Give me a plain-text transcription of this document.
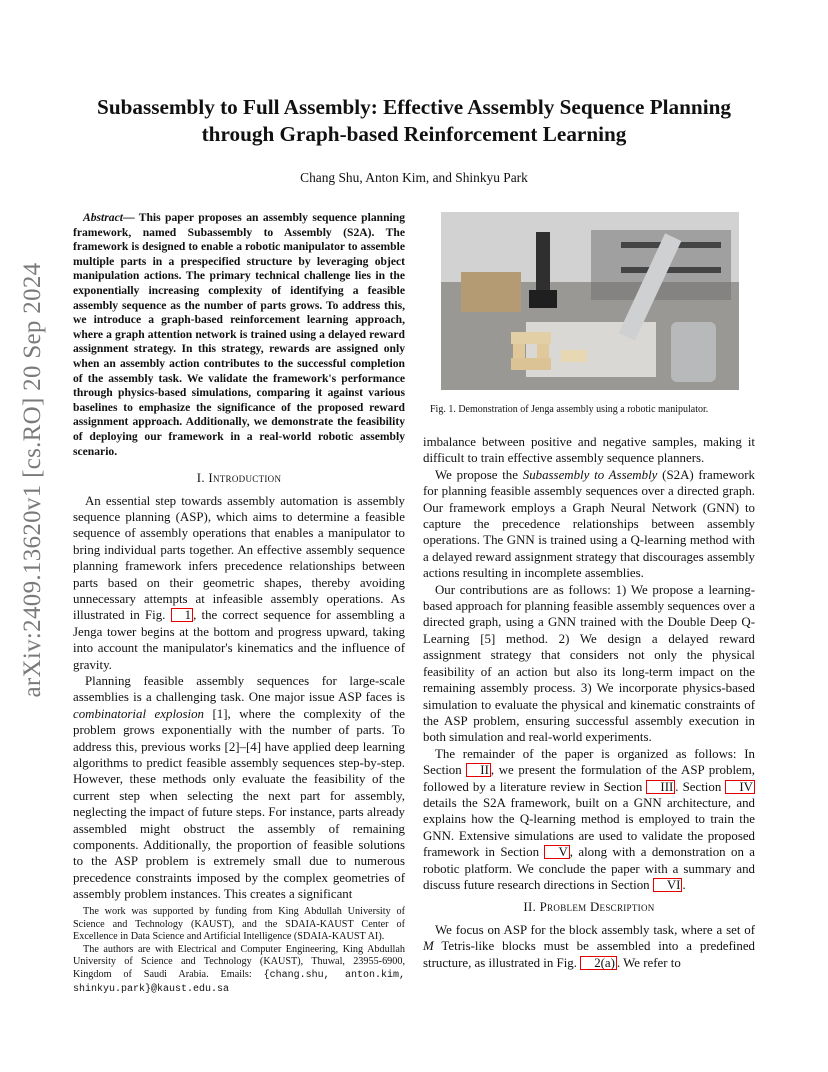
arXiv:2409.13620v1 [cs.RO] 20 Sep 2024
Subassembly to Full Assembly: Effective Assembly Sequence Planning
through Graph-based Reinforcement Learning
Chang Shu, Anton Kim, and Shinkyu Park

Abstract— This paper proposes an assembly sequence planning framework, named Subassembly to Assembly (S2A). The framework is designed to enable a robotic manipulator to assemble multiple parts in a prespecified structure by leveraging object manipulation actions. The primary technical challenge lies in the exponentially increasing complexity of identifying a feasible assembly sequence as the number of parts grows. To address this, we introduce a graph-based reinforcement learning approach, where a graph attention network is trained using a delayed reward assignment strategy. In this strategy, rewards are assigned only when an assembly action contributes to the successful completion of the assembly task. We validate the framework's performance through physics-based simulations, comparing it against various baselines to emphasize the significance of the proposed reward assignment approach. Additionally, we demonstrate the feasibility of deploying our framework in a real-world robotic assembly scenario.

I. Introduction

An essential step towards assembly automation is assembly sequence planning (ASP), which aims to determine a feasible sequence of assembly operations that enables a manipulator to bring individual parts together. An effective assembly sequence planning framework infers precedence relationships between parts based on their geometric shapes, thereby avoiding unnecessary attempts at infeasible assembly operations. As illustrated in Fig. 1 , the correct sequence for assembling a Jenga tower begins at the bottom and progress upward, taking into account the manipulator's kinematics and the influence of gravity.

Planning feasible assembly sequences for large-scale assemblies is a challenging task. One major issue ASP faces is combinatorial explosion [1], where the complexity of the problem grows exponentially with the number of parts. To address this, previous works [2]–[4] have applied deep learning algorithms to predict feasible assembly sequences step-by-step. However, these methods only evaluate the feasibility of the current step when selecting the next part for assembly, neglecting the impact of future steps. For instance, parts already assembled might obstruct the assembly of remaining components. Additionally, the proportion of feasible solutions to the ASP problem is extremely small due to numerous precedence constraints imposed by the complex geometries of assembly problem instances. This creates a significant

The work was supported by funding from King Abdullah University of Science and Technology (KAUST), and the SDAIA-KAUST Center of Excellence in Data Science and Artificial Intelligence (SDAIA-KAUST AI).

The authors are with Electrical and Computer Engineering, King Abdullah University of Science and Technology (KAUST), Thuwal, 23955-6900, Kingdom of Saudi Arabia. Emails: {chang.shu, anton.kim, shinkyu.park}@kaust.edu.sa

Fig. 1. Demonstration of Jenga assembly using a robotic manipulator.

imbalance between positive and negative samples, making it difficult to train effective assembly sequence planners.

We propose the Subassembly to Assembly (S2A) framework for planning feasible assembly sequences over a directed graph. Our framework employs a Graph Neural Network (GNN) to capture the precedence relationships between assembly operations. The GNN is trained using a Q-learning method with a delayed reward assignment strategy that discourages assembly actions resulting in incomplete assemblies.

Our contributions are as follows: 1) We propose a learning-based approach for planning feasible assembly sequences over a directed graph, using a GNN trained with the Double Deep Q-Learning [5] method. 2) We design a delayed reward assignment strategy that considers not only the physical feasibility of an action but also its long-term impact on the remaining assembly process. 3) We incorporate physics-based simulation to evaluate the physical and kinematic constraints of the ASP problem, ensuring successful assembly execution in both simulation and real-world experiments.

The remainder of the paper is organized as follows: In Section II , we present the formulation of the ASP problem, followed by a literature review in Section III . Section IV details the S2A framework, built on a GNN architecture, and explains how the Q-learning method is employed to train the GNN. Extensive simulations are used to validate the proposed framework in Section V , along with a demonstration on a robotic platform. We conclude the paper with a summary and discuss future research directions in Section VI .

II. Problem Description

We focus on ASP for the block assembly task, where a set of M Tetris-like blocks must be assembled into a predefined structure, as illustrated in Fig. 2(a) . We refer to
